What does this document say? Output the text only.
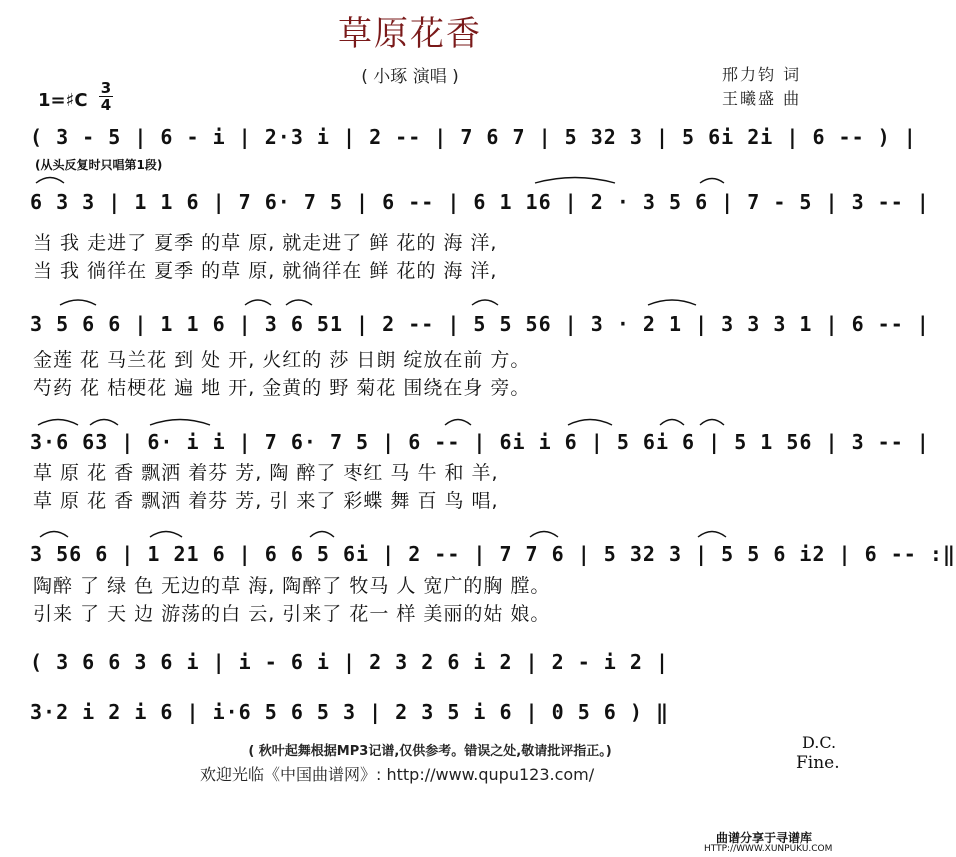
草原花香
( 小琢 演唱 )	邢力钧 词
王曦盛 曲
1=♯C
3
4
( 3 - 5 | 6 - i | 2·3 i | 2 -- | 7 6 7 | 5 32 3 | 5 6i 2i | 6 -- ) |
(从头反复时只唱第1段)
6 3 3 | 1 1 6 | 7 6· 7 5 | 6 -- | 6 1 16 | 2 · 3 5 6 | 7 - 5 | 3 -- |
当 我 走进了 夏季 的草 原, 就走进了 鲜 花的 海 洋,
当 我 徜徉在 夏季 的草 原, 就徜徉在 鲜 花的 海 洋,
3 5 6 6 | 1 1 6 | 3 6 51 | 2 -- | 5 5 56 | 3 · 2 1 | 3 3 3 1 | 6 -- |
金莲 花 马兰花 到 处 开, 火红的 莎 日朗 绽放在前 方。
芍药 花 桔梗花 遍 地 开, 金黄的 野 菊花 围绕在身 旁。
3·6 63 | 6· i i | 7 6· 7 5 | 6 -- | 6i i 6 | 5 6i 6 | 5 1 56 | 3 -- |
草 原 花 香 飘洒 着芬 芳, 陶 醉了 枣红 马 牛 和 羊,
草 原 花 香 飘洒 着芬 芳, 引 来了 彩蝶 舞 百 鸟 唱,
3 56 6 | 1 21 6 | 6 6 5 6i | 2 -- | 7 7 6 | 5 32 3 | 5 5 6 i2 | 6 -- :‖
陶醉 了 绿 色 无边的草 海, 陶醉了 牧马 人 宽广的胸 膛。
引来 了 天 边 游荡的白 云, 引来了 花一 样 美丽的姑 娘。
( 3 6 6 3 6 i | i - 6 i | 2 3 2 6 i 2 | 2 - i 2 |
3·2 i 2 i 6 | i·6 5 6 5 3 | 2 3 5 i 6 | 0 5 6 ) ‖
D.C.
Fine.
( 秋叶起舞根据MP3记谱,仅供参考。错误之处,敬请批评指正。)
欢迎光临《中国曲谱网》: http://www.qupu123.com/
曲谱分享于寻谱库
HTTP://WWW.XUNPUKU.COM
